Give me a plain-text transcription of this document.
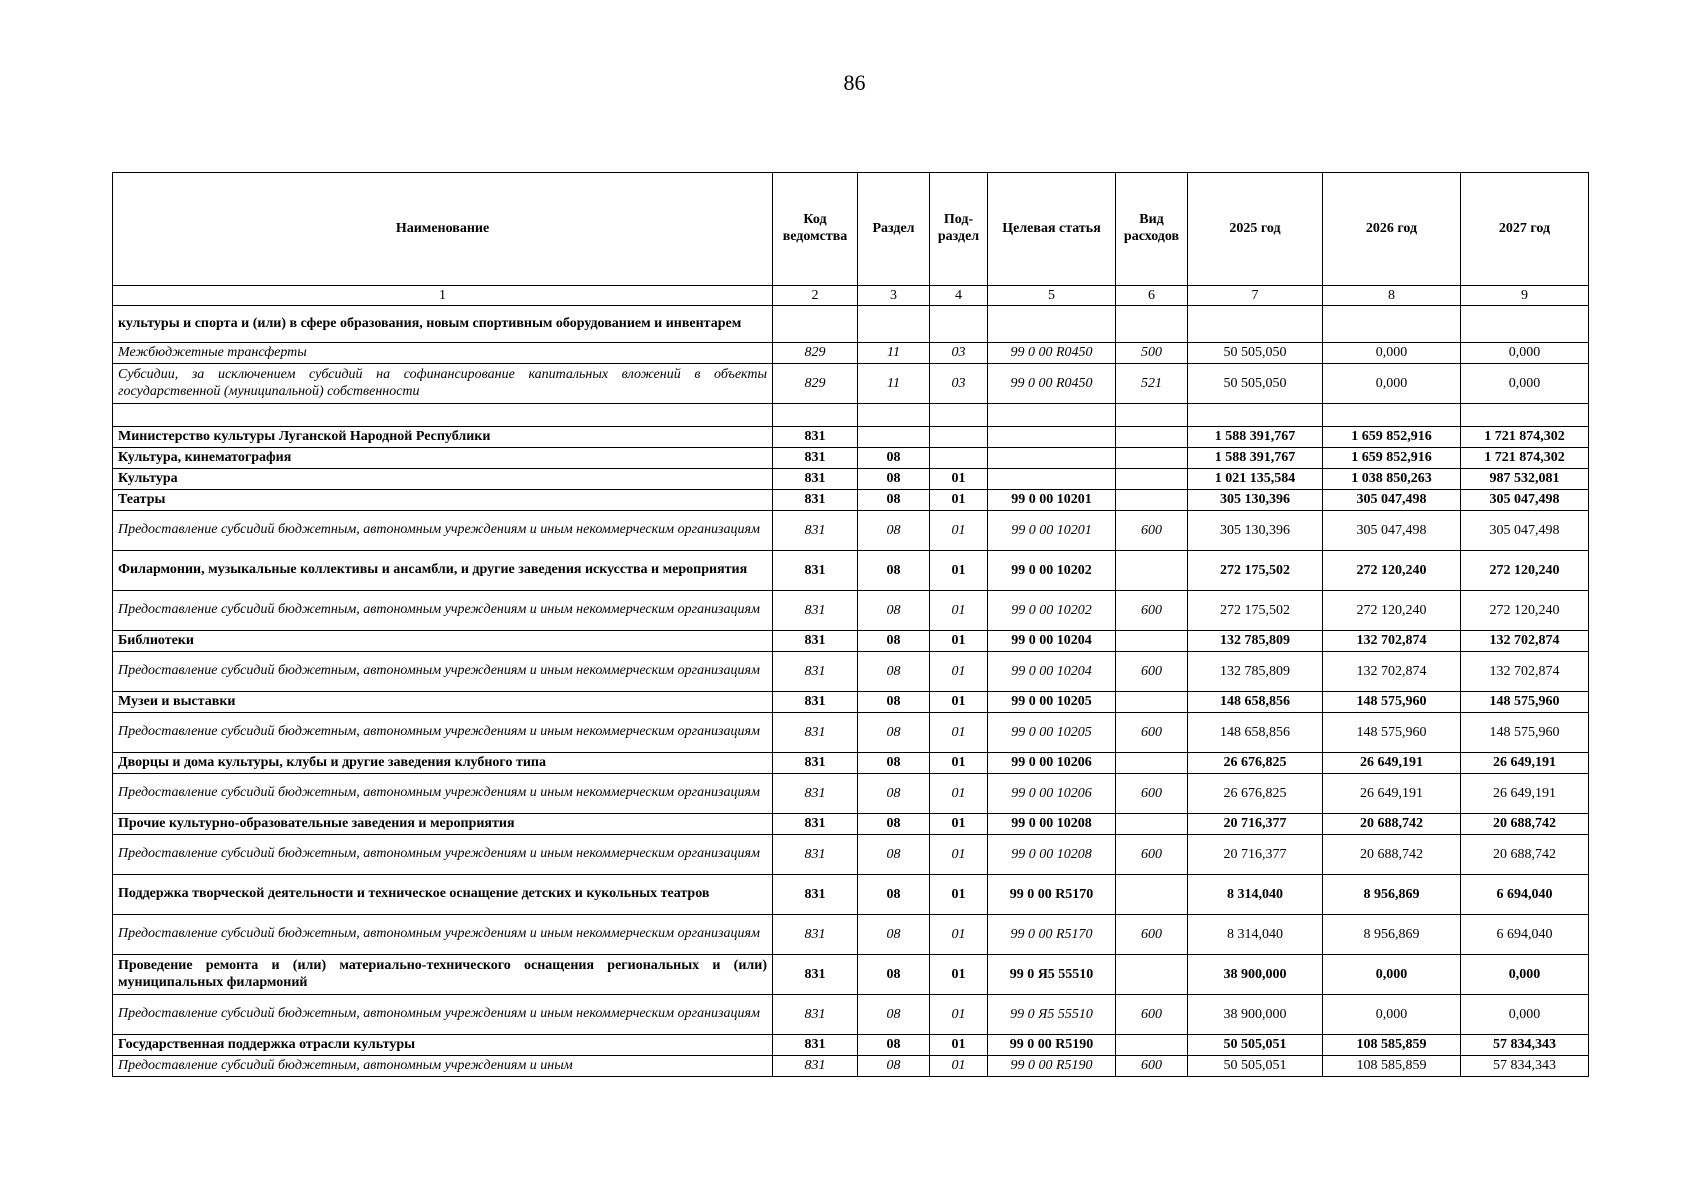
86
Наименование	Код ведомства	Раздел	Под-раздел	Целевая статья	Вид расходов	2025 год	2026 год	2027 год
1	2	3	4	5	6	7	8	9
культуры и спорта и (или) в сфере образования, новым спортивным оборудованием и инвентарем								
Межбюджетные трансферты	829	11	03	99 0 00 R0450	500	50 505,050	0,000	0,000
Субсидии, за исключением субсидий на софинансирование капитальных вложений в объекты государственной (муниципальной) собственности	829	11	03	99 0 00 R0450	521	50 505,050	0,000	0,000

Министерство культуры Луганской Народной Республики	831					1 588 391,767	1 659 852,916	1 721 874,302
Культура, кинематография	831	08				1 588 391,767	1 659 852,916	1 721 874,302
Культура	831	08	01			1 021 135,584	1 038 850,263	987 532,081
Театры	831	08	01	99 0 00 10201		305 130,396	305 047,498	305 047,498
Предоставление субсидий бюджетным, автономным учреждениям и иным некоммерческим организациям	831	08	01	99 0 00 10201	600	305 130,396	305 047,498	305 047,498
Филармонии, музыкальные коллективы и ансамбли, и другие заведения искусства и мероприятия	831	08	01	99 0 00 10202		272 175,502	272 120,240	272 120,240
Предоставление субсидий бюджетным, автономным учреждениям и иным некоммерческим организациям	831	08	01	99 0 00 10202	600	272 175,502	272 120,240	272 120,240
Библиотеки	831	08	01	99 0 00 10204		132 785,809	132 702,874	132 702,874
Предоставление субсидий бюджетным, автономным учреждениям и иным некоммерческим организациям	831	08	01	99 0 00 10204	600	132 785,809	132 702,874	132 702,874
Музеи и выставки	831	08	01	99 0 00 10205		148 658,856	148 575,960	148 575,960
Предоставление субсидий бюджетным, автономным учреждениям и иным некоммерческим организациям	831	08	01	99 0 00 10205	600	148 658,856	148 575,960	148 575,960
Дворцы и дома культуры, клубы и другие заведения клубного типа	831	08	01	99 0 00 10206		26 676,825	26 649,191	26 649,191
Предоставление субсидий бюджетным, автономным учреждениям и иным некоммерческим организациям	831	08	01	99 0 00 10206	600	26 676,825	26 649,191	26 649,191
Прочие культурно-образовательные заведения и мероприятия	831	08	01	99 0 00 10208		20 716,377	20 688,742	20 688,742
Предоставление субсидий бюджетным, автономным учреждениям и иным некоммерческим организациям	831	08	01	99 0 00 10208	600	20 716,377	20 688,742	20 688,742
Поддержка творческой деятельности и техническое оснащение детских и кукольных театров	831	08	01	99 0 00 R5170		8 314,040	8 956,869	6 694,040
Предоставление субсидий бюджетным, автономным учреждениям и иным некоммерческим организациям	831	08	01	99 0 00 R5170	600	8 314,040	8 956,869	6 694,040
Проведение ремонта и (или) материально-технического оснащения региональных и (или) муниципальных филармоний	831	08	01	99 0 Я5 55510		38 900,000	0,000	0,000
Предоставление субсидий бюджетным, автономным учреждениям и иным некоммерческим организациям	831	08	01	99 0 Я5 55510	600	38 900,000	0,000	0,000
Государственная поддержка отрасли культуры	831	08	01	99 0 00 R5190		50 505,051	108 585,859	57 834,343
Предоставление субсидий бюджетным, автономным учреждениям и иным	831	08	01	99 0 00 R5190	600	50 505,051	108 585,859	57 834,343
